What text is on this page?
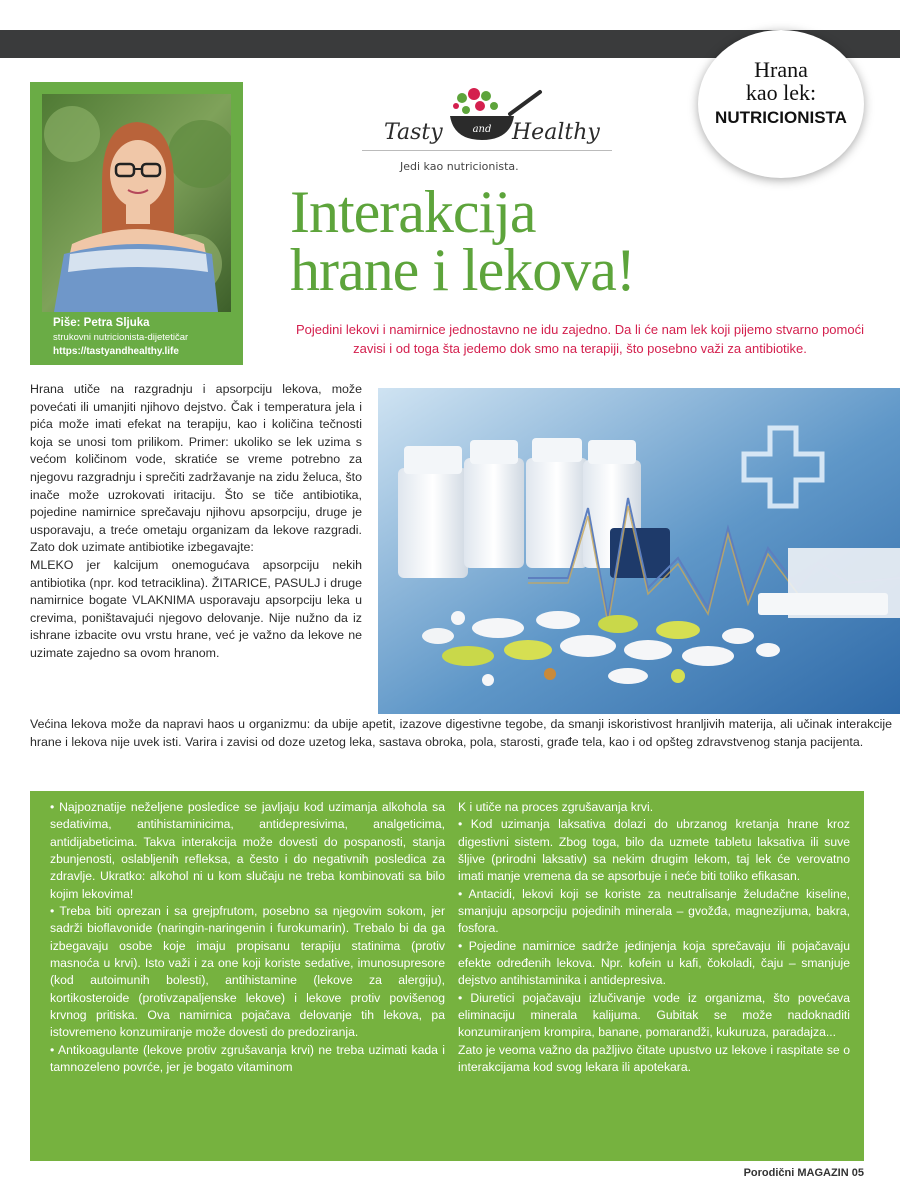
Hrana
kao lek:
NUTRICIONISTA
Piše: Petra Sljuka
strukovni nutricionista-dijetetičar
https://tastyandhealthy.life
and
Tasty	Healthy
Jedi kao nutricionista.
Interakcija
hrane i lekova!
Pojedini lekovi i namirnice jednostavno ne idu zajedno. Da li će nam lek koji pijemo stvarno pomoći zavisi i od toga šta jedemo dok smo na terapiji, što posebno važi za antibiotike.

Hrana utiče na razgradnju i apsorpciju lekova, može povećati ili umanjiti njihovo dejstvo. Čak i temperatura jela i pića može imati efekat na terapiju, kao i količina tečnosti koja se unosi tom prilikom. Primer: ukoliko se lek uzima s većom količinom vode, skratiće se vreme potrebno za njegovu razgradnju i sprečiti zadržavanje na zidu želuca, što inače može uzrokovati iritaciju. Što se tiče antibiotika, pojedine namirnice sprečavaju njihovu apsorpciju, druge je usporavaju, a treće ometaju organizam da lekove razgradi. Zato dok uzimate antibiotike izbegavajte:

MLEKO jer kalcijum onemogućava apsorpciju nekih antibiotika (npr. kod tetraciklina). ŽITARICE, PASULJ i druge namirnice bogate VLAKNIMA usporavaju apsorpciju leka u crevima, poništavajući njegovo delovanje. Nije nužno da iz ishrane izbacite ovu vrstu hrane, već je važno da lekove ne uzimate zajedno sa ovom hranom.

Većina lekova može da napravi haos u organizmu: da ubije apetit, izazove digestivne tegobe, da smanji iskoristivost hranljivih materija, ali učinak interakcije hrane i lekova nije uvek isti. Varira i zavisi od doze uzetog leka, sastava obroka, pola, starosti, građe tela, kao i od opšteg zdravstvenog stanja pacijenta.
• Najpoznatije neželjene posledice se javljaju kod uzimanja alkohola sa sedativima, antihistaminicima, antidepresivima, analgeticima, antidijabeticima. Takva interakcija može dovesti do pospanosti, stanja zbunjenosti, oslabljenih refleksa, a često i do negativnih posledica za zdravlje. Ukratko: alkohol ni u kom slučaju ne treba kombinovati sa bilo kojim lekovima!
• Treba biti oprezan i sa grejpfrutom, posebno sa njegovim sokom, jer sadrži bioflavonide (naringin-naringenin i furokumarin). Trebalo bi da ga izbegavaju osobe koje imaju propisanu terapiju statinima (protiv masnoća u krvi). Isto važi i za one koji koriste sedative, imunosupresore (kod autoimunih bolesti), antihistamine (lekove za alergiju), kortikosteroide (protivzapaljenske lekove) i lekove protiv povišenog krvnog pritiska. Ova namirnica pojačava delovanje tih lekova, pa istovremeno konzumiranje može dovesti do predoziranja.
• Antikoagulante (lekove protiv zgrušavanja krvi) ne treba uzimati kada i tamnozeleno povrće, jer je bogato vitaminom
K i utiče na proces zgrušavanja krvi.
• Kod uzimanja laksativa dolazi do ubrzanog kretanja hrane kroz digestivni sistem. Zbog toga, bilo da uzmete tabletu laksativa ili suve šljive (prirodni laksativ) sa nekim drugim lekom, taj lek će verovatno imati manje vremena da se apsorbuje i neće biti toliko efikasan.
• Antacidi, lekovi koji se koriste za neutralisanje želudačne kiseline, smanjuju apsorpciju pojedinih minerala – gvožđa, magnezijuma, bakra, fosfora.
• Pojedine namirnice sadrže jedinjenja koja sprečavaju ili pojačavaju efekte određenih lekova. Npr. kofein u kafi, čokoladi, čaju – smanjuje dejstvo antihistaminika i antidepresiva.
• Diuretici pojačavaju izlučivanje vode iz organizma, što povećava eliminaciju minerala kalijuma. Gubitak se može nadoknaditi konzumiranjem krompira, banane, pomarandži, kukuruza, paradajza...
Zato je veoma važno da pažljivo čitate upustvo uz lekove i raspitate se o interakcijama kod svog lekara ili apotekara.
Porodični MAGAZIN 05
